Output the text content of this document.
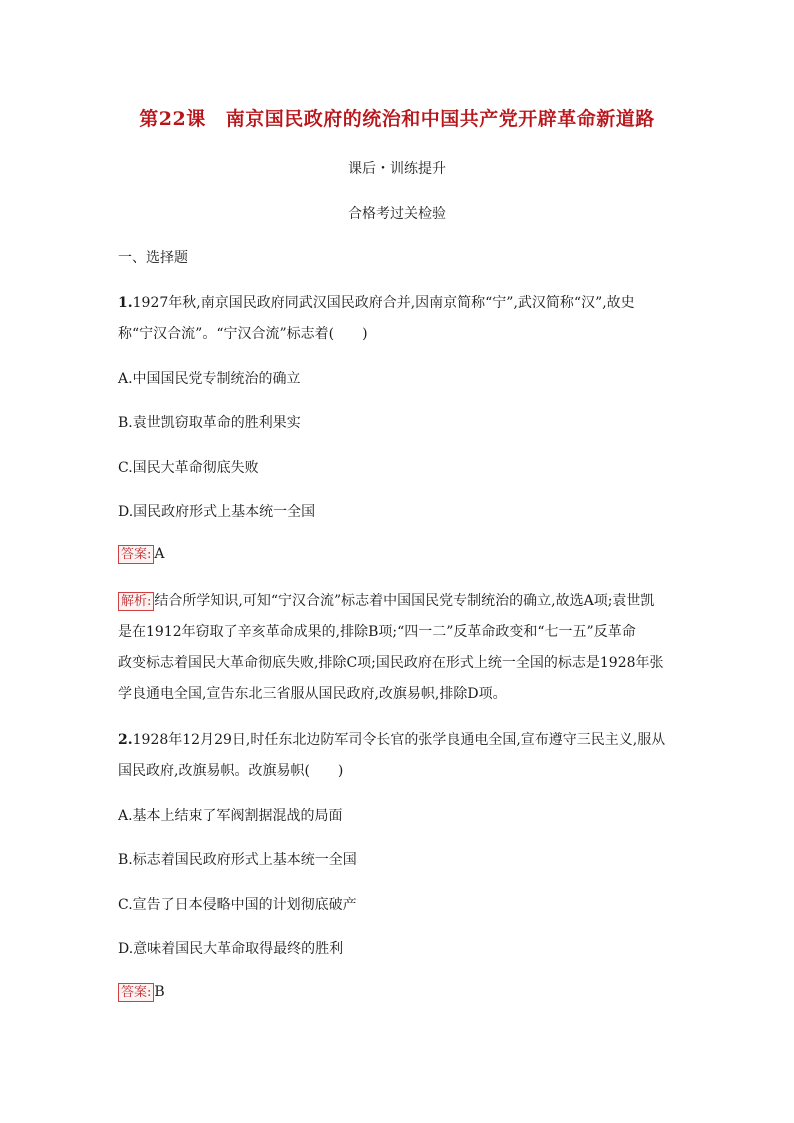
第22课 南京国民政府的统治和中国共产党开辟革命新道路
课后・训练提升
合格考过关检验
一、选择题
1.1927年秋,南京国民政府同武汉国民政府合并,因南京简称“宁”,武汉简称“汉”,故史
称“宁汉合流”。“宁汉合流”标志着(　　)
A.中国国民党专制统治的确立
B.袁世凯窃取革命的胜利果实
C.国民大革命彻底失败
D.国民政府形式上基本统一全国
答案: A
解析: 结合所学知识,可知“宁汉合流”标志着中国国民党专制统治的确立,故选A项;袁世凯
是在1912年窃取了辛亥革命成果的,排除B项;“四一二”反革命政变和“七一五”反革命
政变标志着国民大革命彻底失败,排除C项;国民政府在形式上统一全国的标志是1928年张
学良通电全国,宣告东北三省服从国民政府,改旗易帜,排除D项。
2.1928年12月29日,时任东北边防军司令长官的张学良通电全国,宣布遵守三民主义,服从
国民政府,改旗易帜。改旗易帜(　　)
A.基本上结束了军阀割据混战的局面
B.标志着国民政府形式上基本统一全国
C.宣告了日本侵略中国的计划彻底破产
D.意味着国民大革命取得最终的胜利
答案: B
